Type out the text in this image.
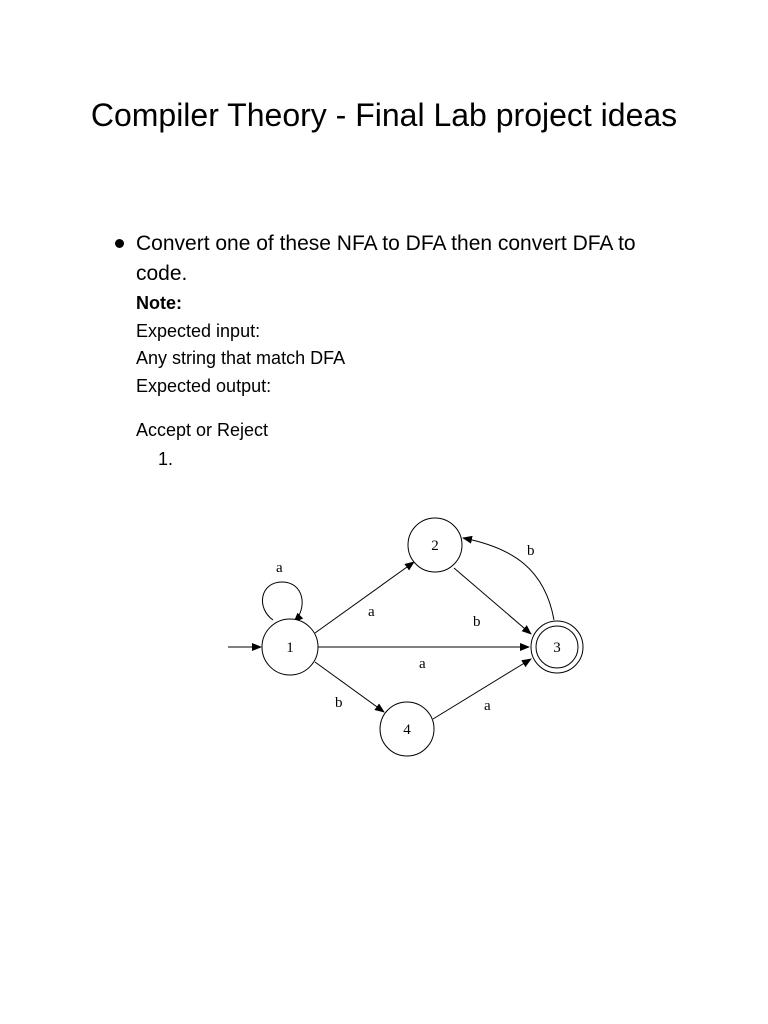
Compiler Theory - Final Lab project ideas
Convert one of these NFA to DFA then convert DFA to code.
Note:
Expected input:
Any string that match DFA
Expected output:
Accept or Reject
1.
a
a
a
b
b
b
a
1
2
3
4
